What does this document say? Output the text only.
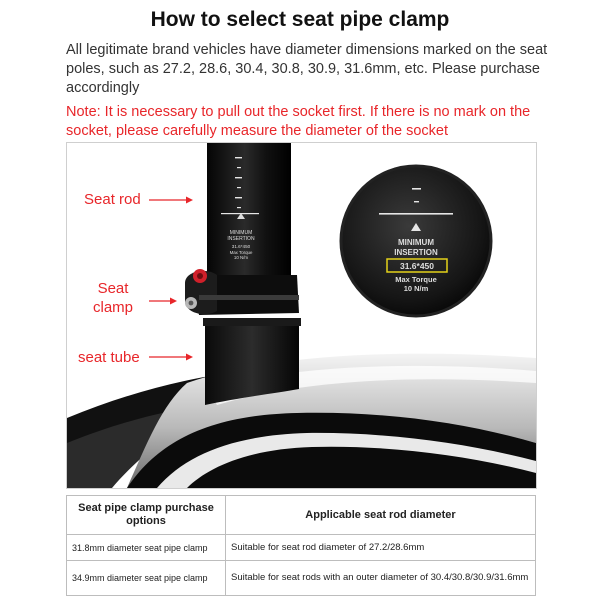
How to select seat pipe clamp
All legitimate brand vehicles have diameter dimensions marked on the seat poles, such as 27.2, 28.6, 30.4, 30.8, 30.9, 31.6mm, etc. Please purchase accordingly
Note: It is necessary to pull out the socket first. If there is no mark on the socket, please carefully measure the diameter of the socket
MINIMUM
INSERTION
31.6*450
Max Torque
10 N/m
MINIMUM
INSERTION
31.6*450
Max Torque
10 N/m
Seat rod
Seat
clamp
seat tube
Seat pipe clamp purchase options	Applicable seat rod diameter
31.8mm diameter seat pipe clamp	Suitable for seat rod diameter of 27.2/28.6mm
34.9mm diameter seat pipe clamp	Suitable for seat rods with an outer diameter of 30.4/30.8/30.9/31.6mm
